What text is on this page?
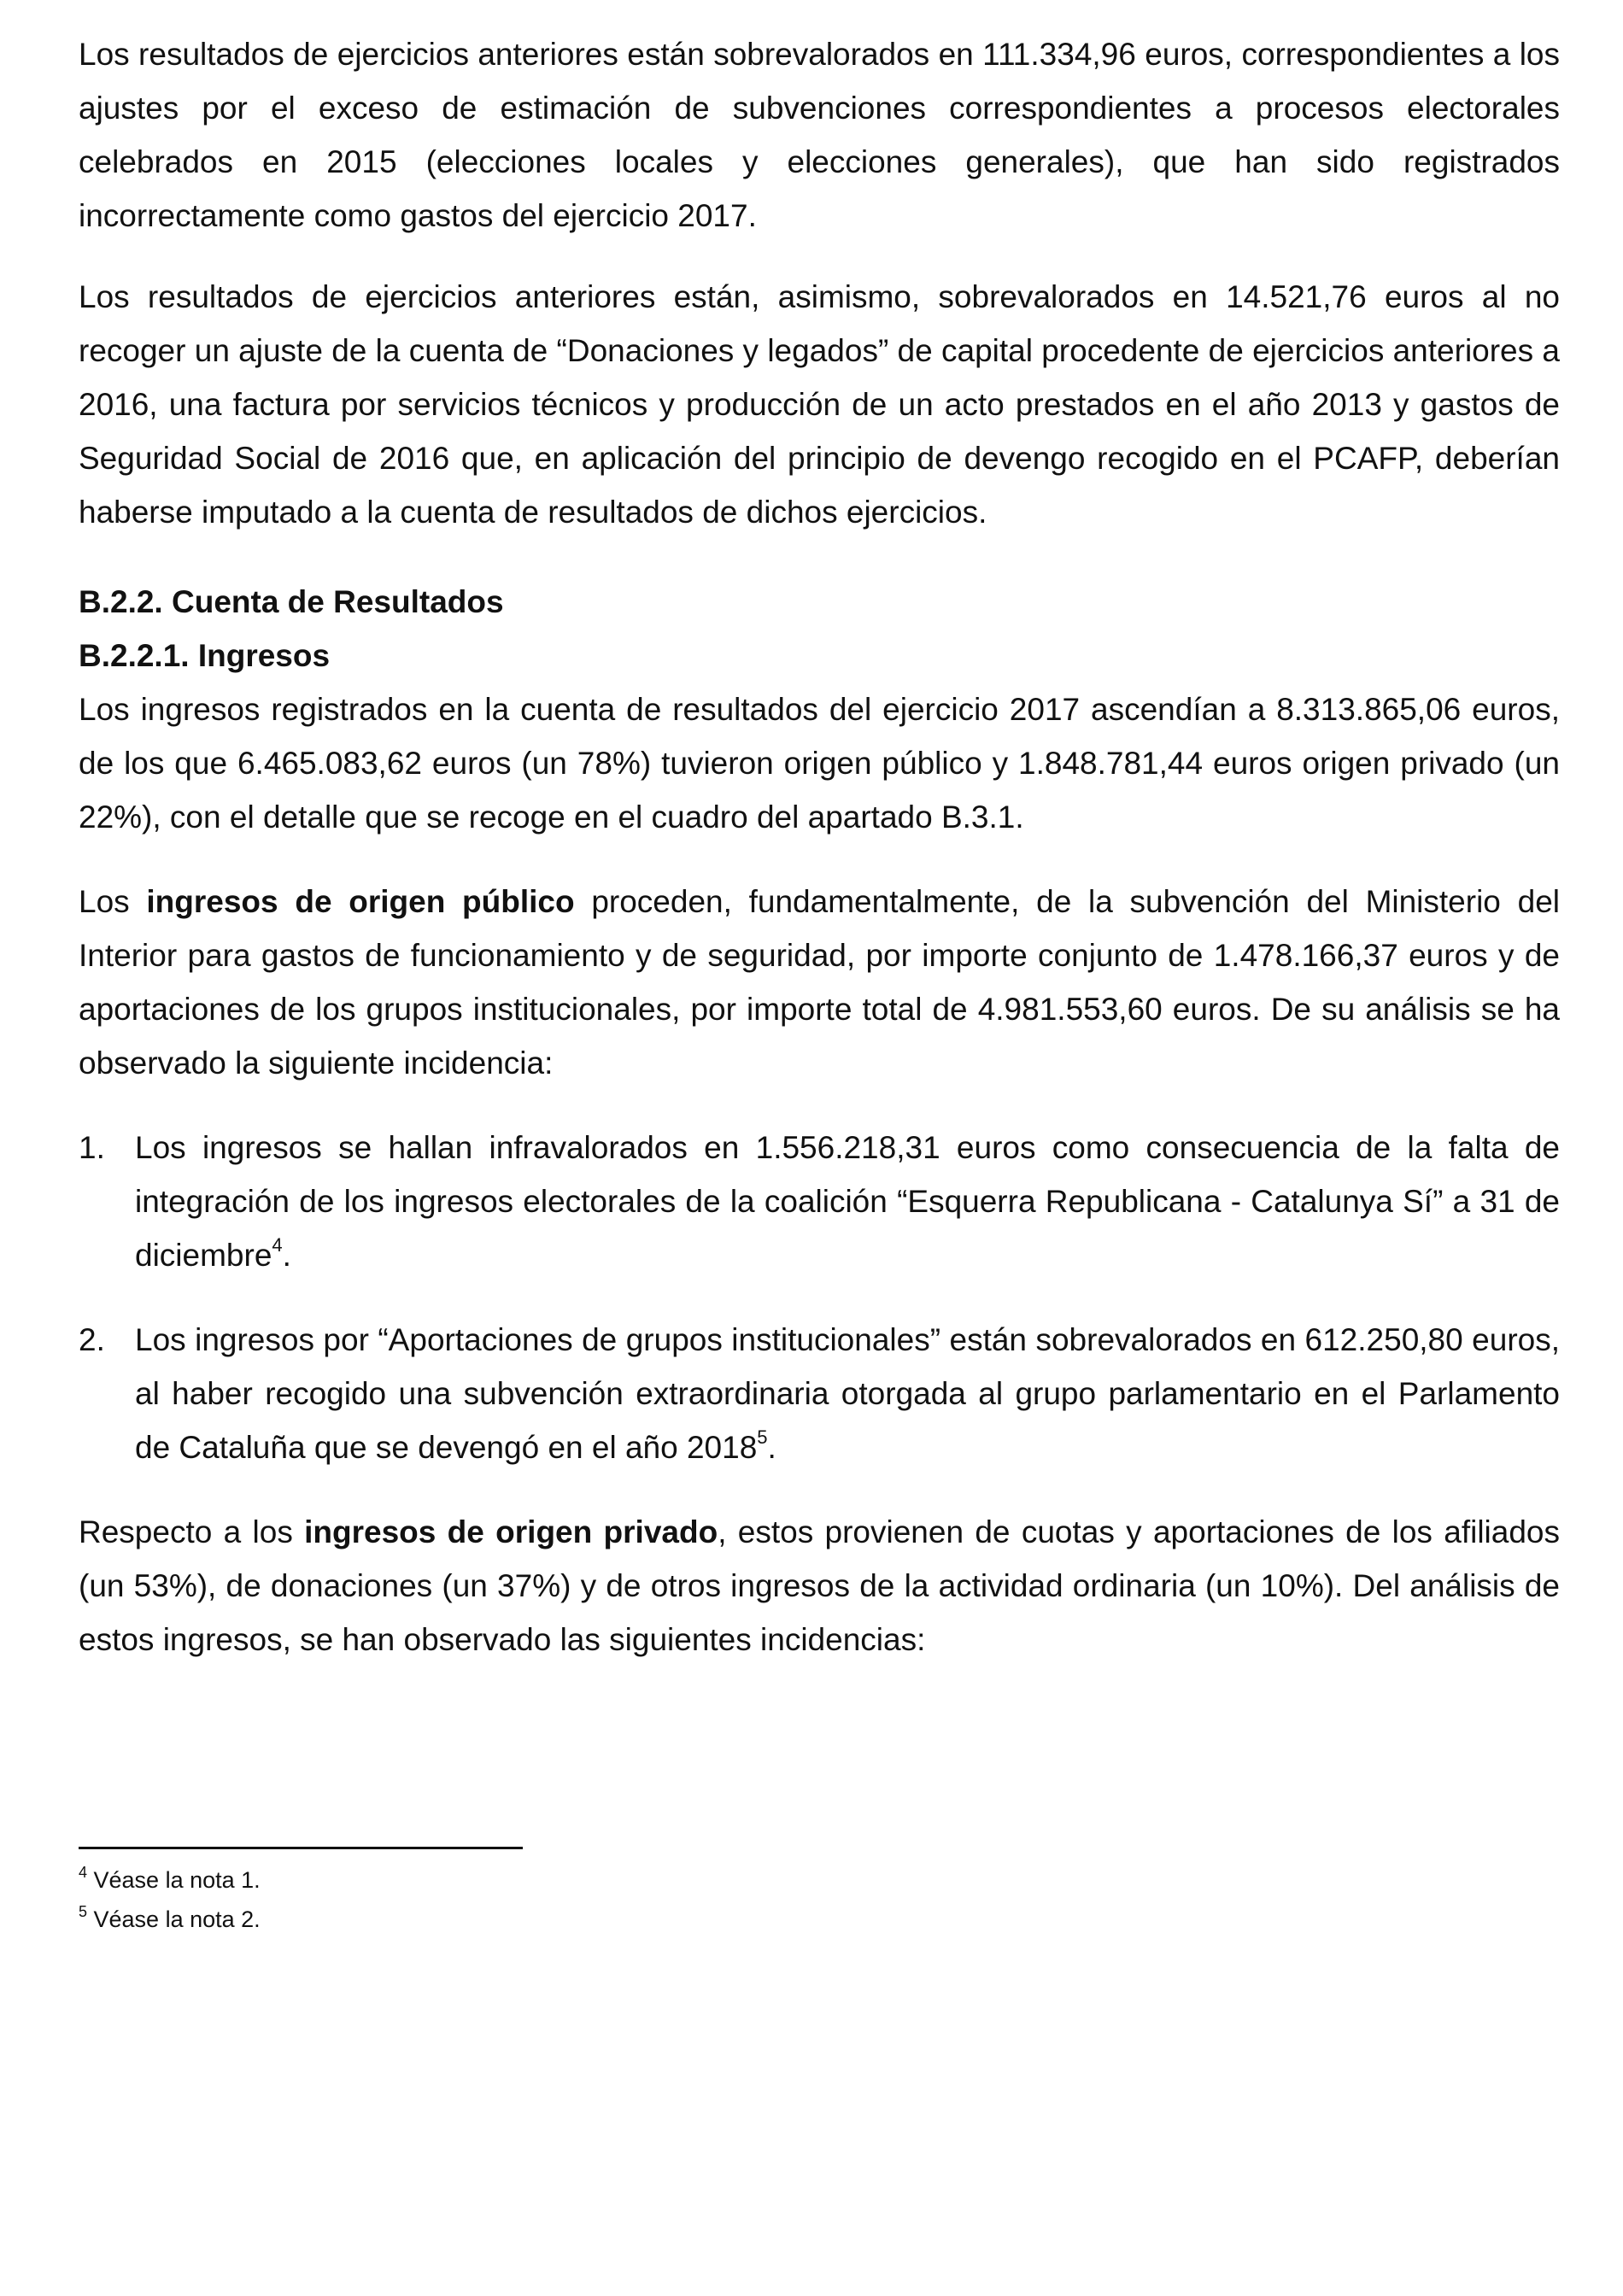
Los resultados de ejercicios anteriores están sobrevalorados en 111.334,96 euros, correspondientes a los ajustes por el exceso de estimación de subvenciones correspondientes a procesos electorales celebrados en 2015 (elecciones locales y elecciones generales), que han sido registrados incorrectamente como gastos del ejercicio 2017.

Los resultados de ejercicios anteriores están, asimismo, sobrevalorados en 14.521,76 euros al no recoger un ajuste de la cuenta de “Donaciones y legados” de capital procedente de ejercicios anteriores a 2016, una factura por servicios técnicos y producción de un acto prestados en el año 2013 y gastos de Seguridad Social de 2016 que, en aplicación del principio de devengo recogido en el PCAFP, deberían haberse imputado a la cuenta de resultados de dichos ejercicios.

B.2.2. Cuenta de Resultados
B.2.2.1. Ingresos

Los ingresos registrados en la cuenta de resultados del ejercicio 2017 ascendían a 8.313.865,06 euros, de los que 6.465.083,62 euros (un 78%) tuvieron origen público y 1.848.781,44 euros origen privado (un 22%), con el detalle que se recoge en el cuadro del apartado B.3.1.

Los ingresos de origen público proceden, fundamentalmente, de la subvención del Ministerio del Interior para gastos de funcionamiento y de seguridad, por importe conjunto de 1.478.166,37 euros y de aportaciones de los grupos institucionales, por importe total de 4.981.553,60 euros. De su análisis se ha observado la siguiente incidencia:

1. Los ingresos se hallan infravalorados en 1.556.218,31 euros como consecuencia de la falta de integración de los ingresos electorales de la coalición “Esquerra Republicana - Catalunya Sí” a 31 de diciembre$^4$.
2. Los ingresos por “Aportaciones de grupos institucionales” están sobrevalorados en 612.250,80 euros, al haber recogido una subvención extraordinaria otorgada al grupo parlamentario en el Parlamento de Cataluña que se devengó en el año 2018$^5$.

Respecto a los ingresos de origen privado, estos provienen de cuotas y aportaciones de los afiliados (un 53%), de donaciones (un 37%) y de otros ingresos de la actividad ordinaria (un 10%). Del análisis de estos ingresos, se han observado las siguientes incidencias:

$^4$ Véase la nota 1.
$^5$ Véase la nota 2.
